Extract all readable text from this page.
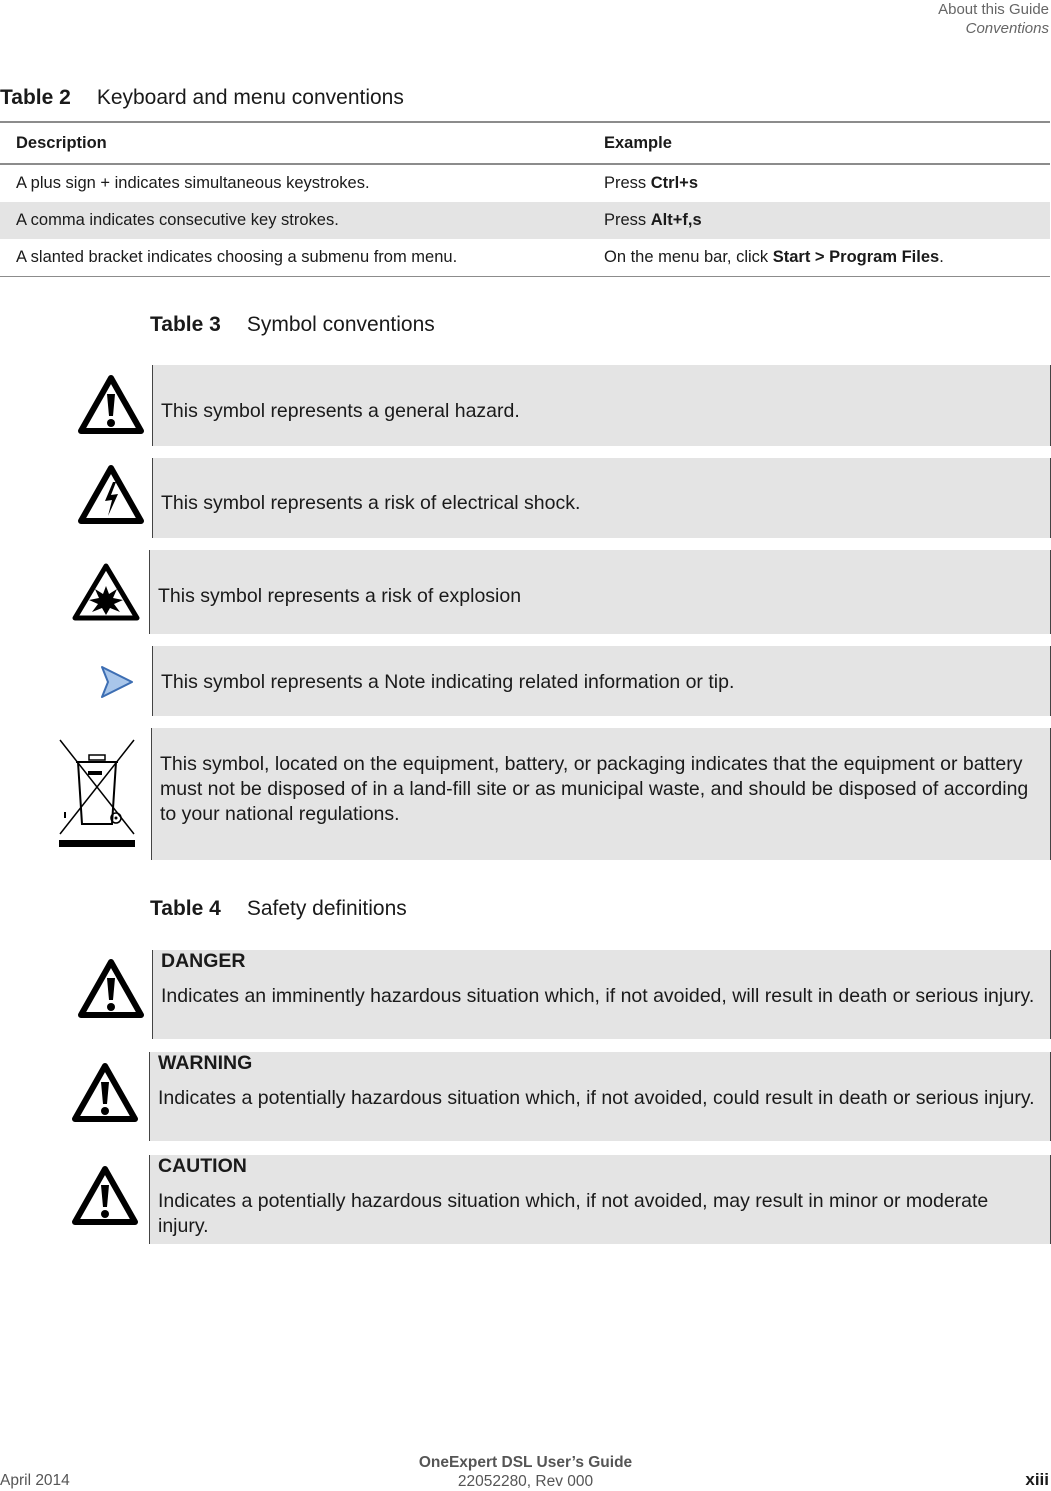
About this Guide
Conventions
Table 2 Keyboard and menu conventions
Description	Example
A plus sign + indicates simultaneous keystrokes.	Press Ctrl+s
A comma indicates consecutive key strokes.	Press Alt+f,s
A slanted bracket indicates choosing a submenu from menu.	On the menu bar, click Start > Program Files.
Table 3 Symbol conventions
This symbol represents a general hazard.
This symbol represents a risk of electrical shock.
This symbol represents a risk of explosion
This symbol represents a Note indicating related information or tip.
This symbol, located on the equipment, battery, or packaging indicates that the equipment or battery must not be disposed of in a land-fill site or as municipal waste, and should be disposed of according to your national regulations.
Table 4 Safety definitions
DANGER
Indicates an imminently hazardous situation which, if not avoided, will result in death or serious injury.
WARNING
Indicates a potentially hazardous situation which, if not avoided, could result in death or serious injury.
CAUTION
Indicates a potentially hazardous situation which, if not avoided, may result in minor or moderate injury.
OneExpert DSL User’s Guide
22052280, Rev 000
April 2014	xiii
